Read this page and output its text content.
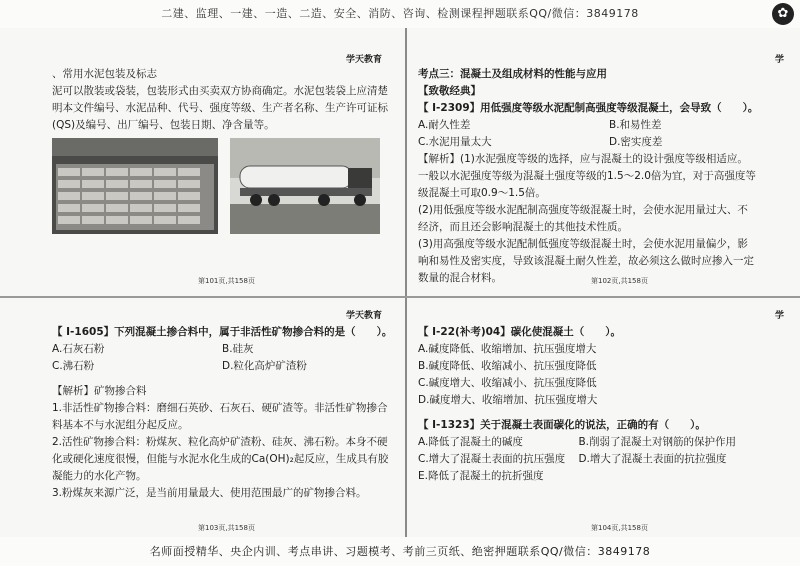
二建、监理、一建、一造、二造、安全、消防、咨询、检测课程押题联系QQ/微信：3849178	✿
学天教育	学
学天教育	学
第101页,共158页	第102页,共158页
第103页,共158页	第104页,共158页
、常用水泥包装及标志
泥可以散装或袋装，包装形式由买卖双方协商确定。水泥包装袋上应清楚
明本文件编号、水泥品种、代号、强度等级、生产者名称、生产许可证标
(QS)及编号、出厂编号、包装日期、净含量等。
考点三：混凝土及组成材料的性能与应用
【致敬经典】
【 I-2309】用低强度等级水泥配制高强度等级混凝土，会导致（　　）。
A.耐久性差	B.和易性差
C.水泥用量太大	D.密实度差
【解析】(1)水泥强度等级的选择，应与混凝土的设计强度等级相适应。
一般以水泥强度等级为混凝土强度等级的1.5～2.0倍为宜，对于高强度等
级混凝土可取0.9～1.5倍。
(2)用低强度等级水泥配制高强度等级混凝土时，会使水泥用量过大、不
经济，而且还会影响混凝土的其他技术性质。
(3)用高强度等级水泥配制低强度等级混凝土时，会使水泥用量偏少，影
响和易性及密实度，导致该混凝土耐久性差，故必须这么做时应掺入一定
数量的混合材料。
【 I-1605】下列混凝土掺合料中，属于非活性矿物掺合料的是（　　）。
A.石灰石粉	B.硅灰
C.沸石粉	D.粒化高炉矿渣粉
【解析】矿物掺合料
1.非活性矿物掺合料：磨细石英砂、石灰石、硬矿渣等。非活性矿物掺合
料基本不与水泥组分起反应。
2.活性矿物掺合料：粉煤灰、粒化高炉矿渣粉、硅灰、沸石粉。本身不硬
化或硬化速度很慢，但能与水泥水化生成的Ca(OH)₂起反应，生成具有胶
凝能力的水化产物。
3.粉煤灰来源广泛，是当前用量最大、使用范围最广的矿物掺合料。
【 I-22(补考)04】碳化使混凝土（　　）。
A.碱度降低、收缩增加、抗压强度增大
B.碱度降低、收缩减小、抗压强度降低
C.碱度增大、收缩减小、抗压强度降低
D.碱度增大、收缩增加、抗压强度增大
【 I-1323】关于混凝土表面碳化的说法，正确的有（　　）。
A.降低了混凝土的碱度	B.削弱了混凝土对钢筋的保护作用
C.增大了混凝土表面的抗压强度	D.增大了混凝土表面的抗拉强度
E.降低了混凝土的抗折强度
名师面授精华、央企内训、考点串讲、习题模考、考前三页纸、绝密押题联系QQ/微信：3849178
